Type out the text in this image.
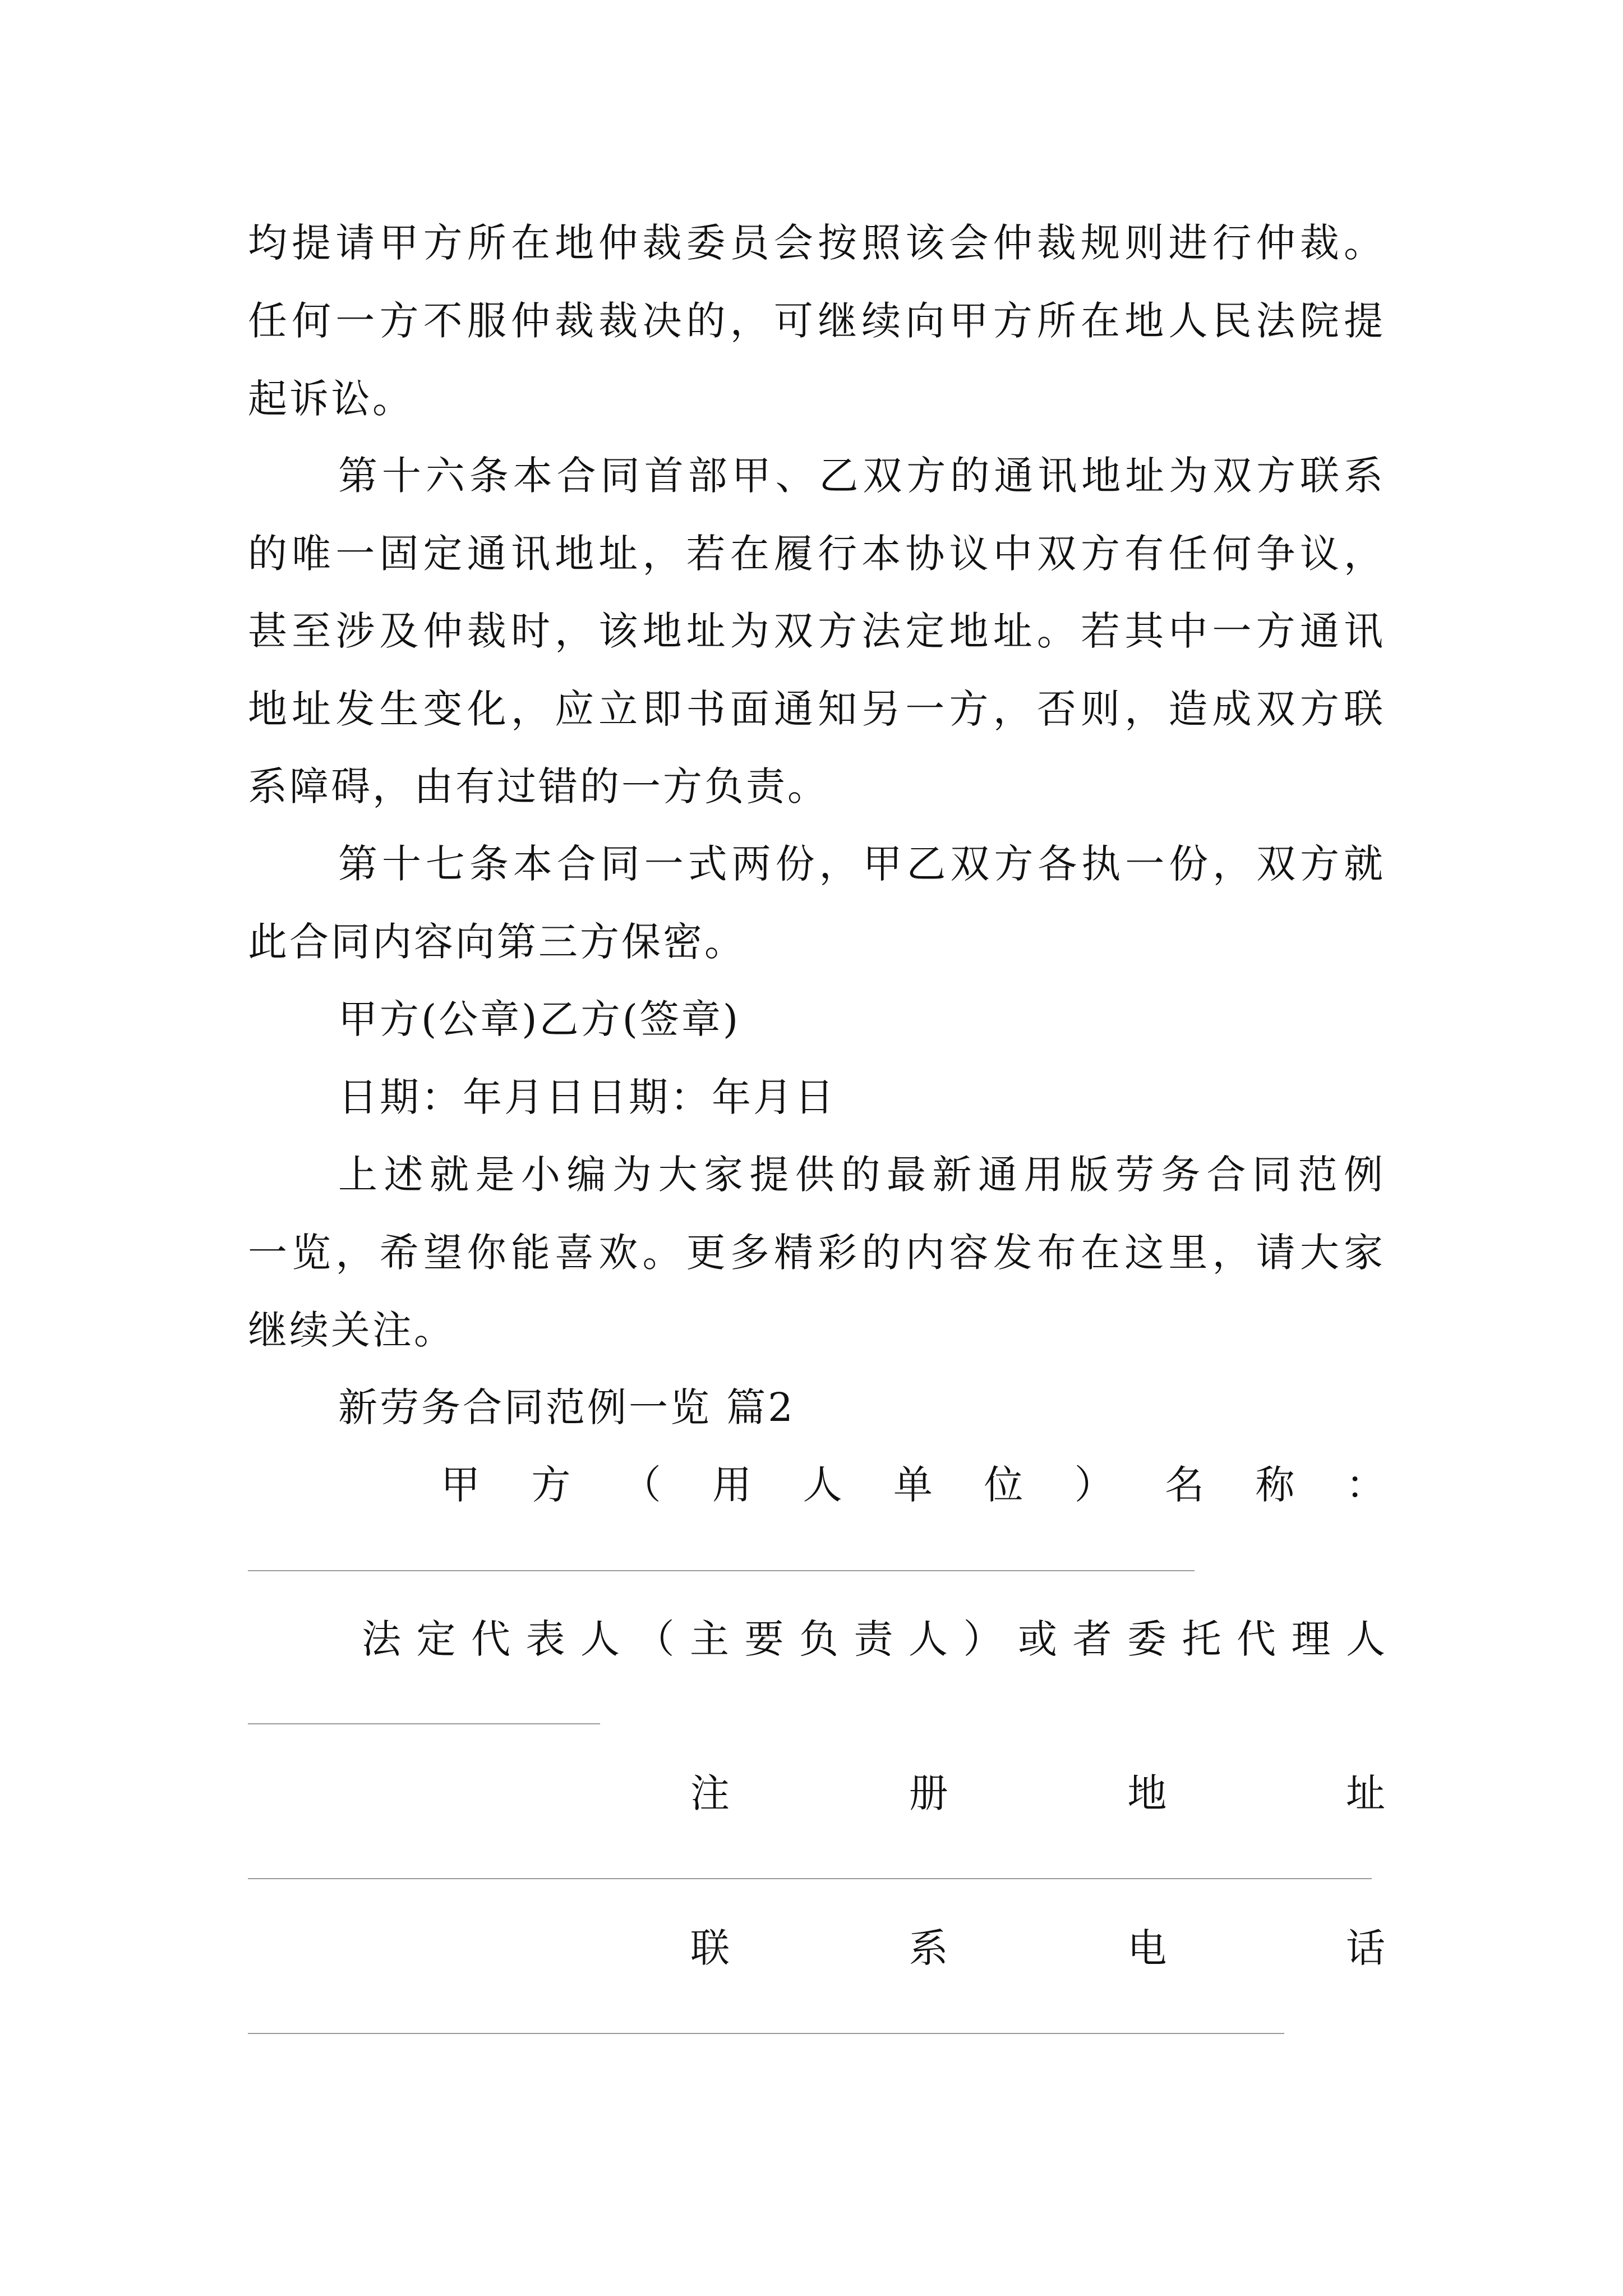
均提请甲方所在地仲裁委员会按照该会仲裁规则进行仲裁。
任何一方不服仲裁裁决的，可继续向甲方所在地人民法院提
起诉讼。
第十六条本合同首部甲、乙双方的通讯地址为双方联系
的唯一固定通讯地址，若在履行本协议中双方有任何争议，
甚至涉及仲裁时，该地址为双方法定地址。若其中一方通讯
地址发生变化，应立即书面通知另一方，否则，造成双方联
系障碍，由有过错的一方负责。
第十七条本合同一式两份，甲乙双方各执一份，双方就
此合同内容向第三方保密。
甲方(公章)乙方(签章)
日期：年月日日期：年月日
上述就是小编为大家提供的最新通用版劳务合同范例
一览，希望你能喜欢。更多精彩的内容发布在这里，请大家
继续关注。
新劳务合同范例一览 篇2
甲 方 （ 用 人 单 位 ） 名 称 ：
法 定 代 表 人 （ 主 要 负 责 人 ） 或 者 委 托 代 理 人
注	册	地	址
联	系	电	话
